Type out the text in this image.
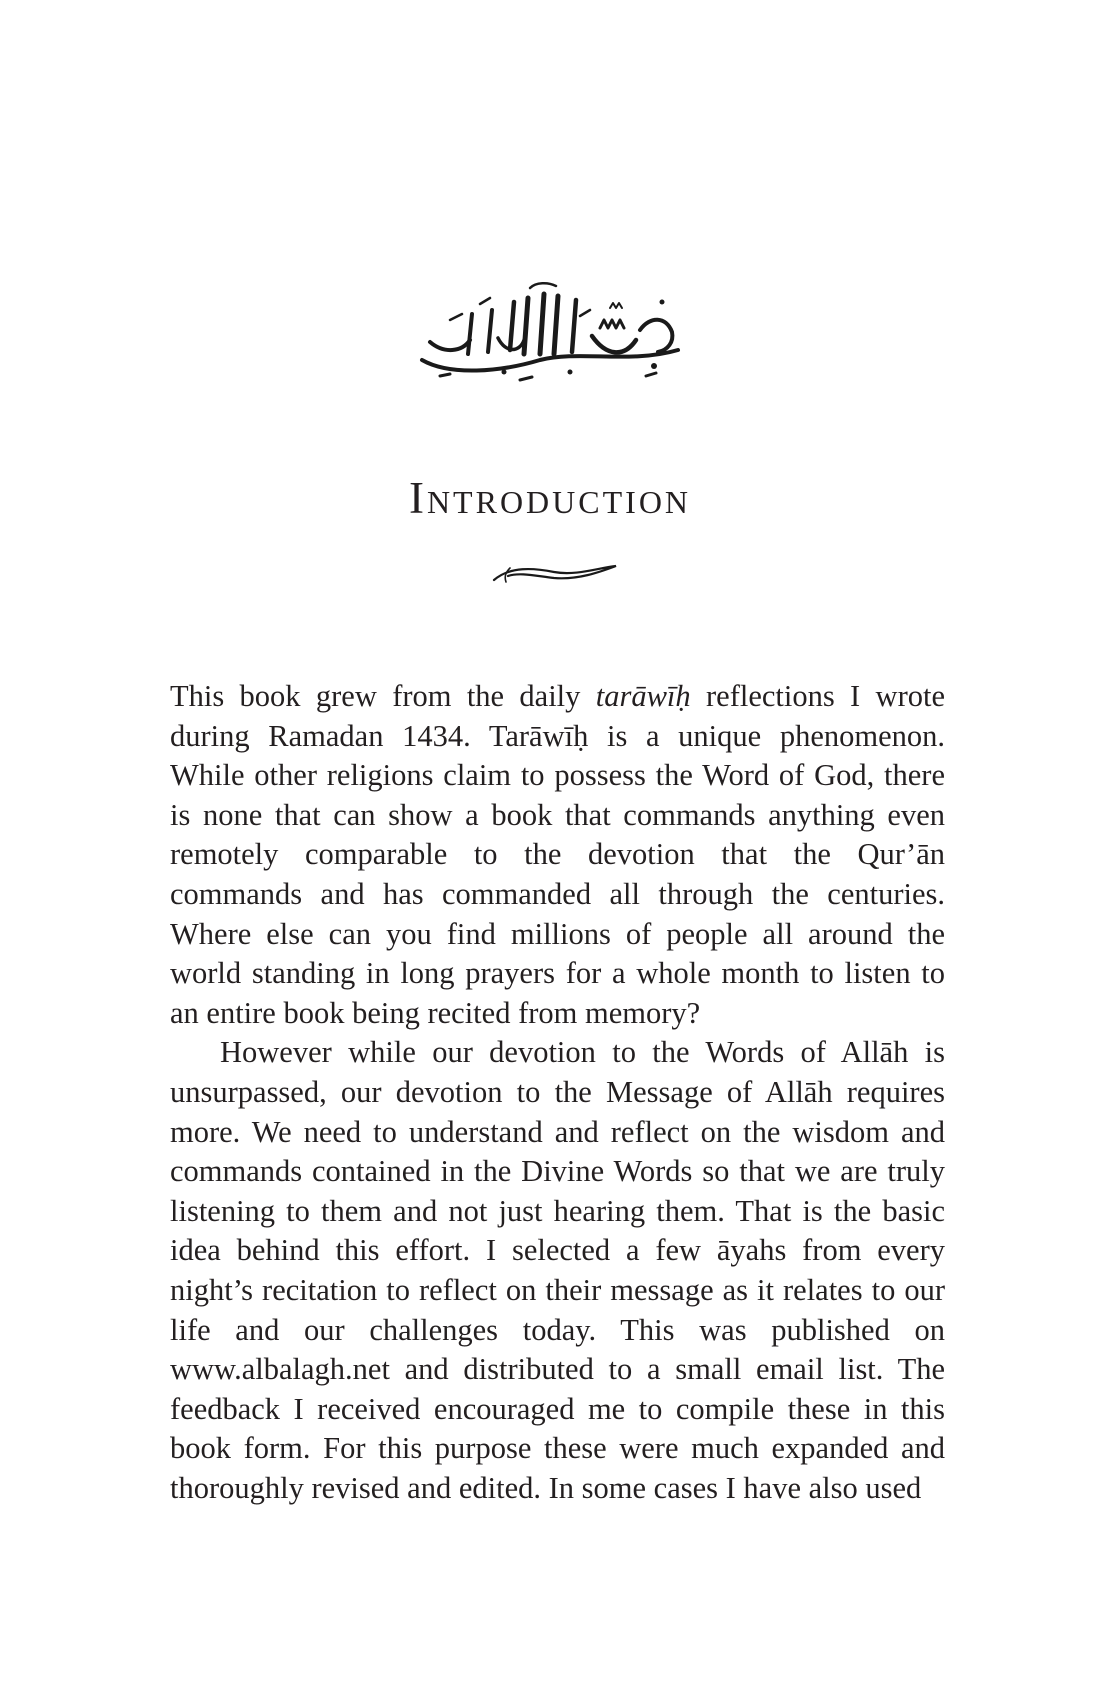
Introduction

This book grew from the daily tarāwīḥ reflections I wrote during Ramadan 1434. Tarāwīḥ is a unique phenomenon. While other religions claim to possess the Word of God, there is none that can show a book that commands anything even remotely comparable to the devotion that the Qur’ān commands and has commanded all through the centuries. Where else can you find millions of people all around the world standing in long prayers for a whole month to listen to an entire book being recited from memory?

However while our devotion to the Words of Allāh is unsurpassed, our devotion to the Message of Allāh requires more. We need to understand and reflect on the wisdom and commands contained in the Divine Words so that we are truly listening to them and not just hearing them. That is the basic idea behind this effort. I selected a few āyahs from every night’s recitation to reflect on their message as it relates to our life and our challenges today. This was published on www.albalagh.net and distributed to a small email list. The feedback I received encouraged me to compile these in this book form. For this purpose these were much expanded and thoroughly revised and edited. In some cases I have also used
